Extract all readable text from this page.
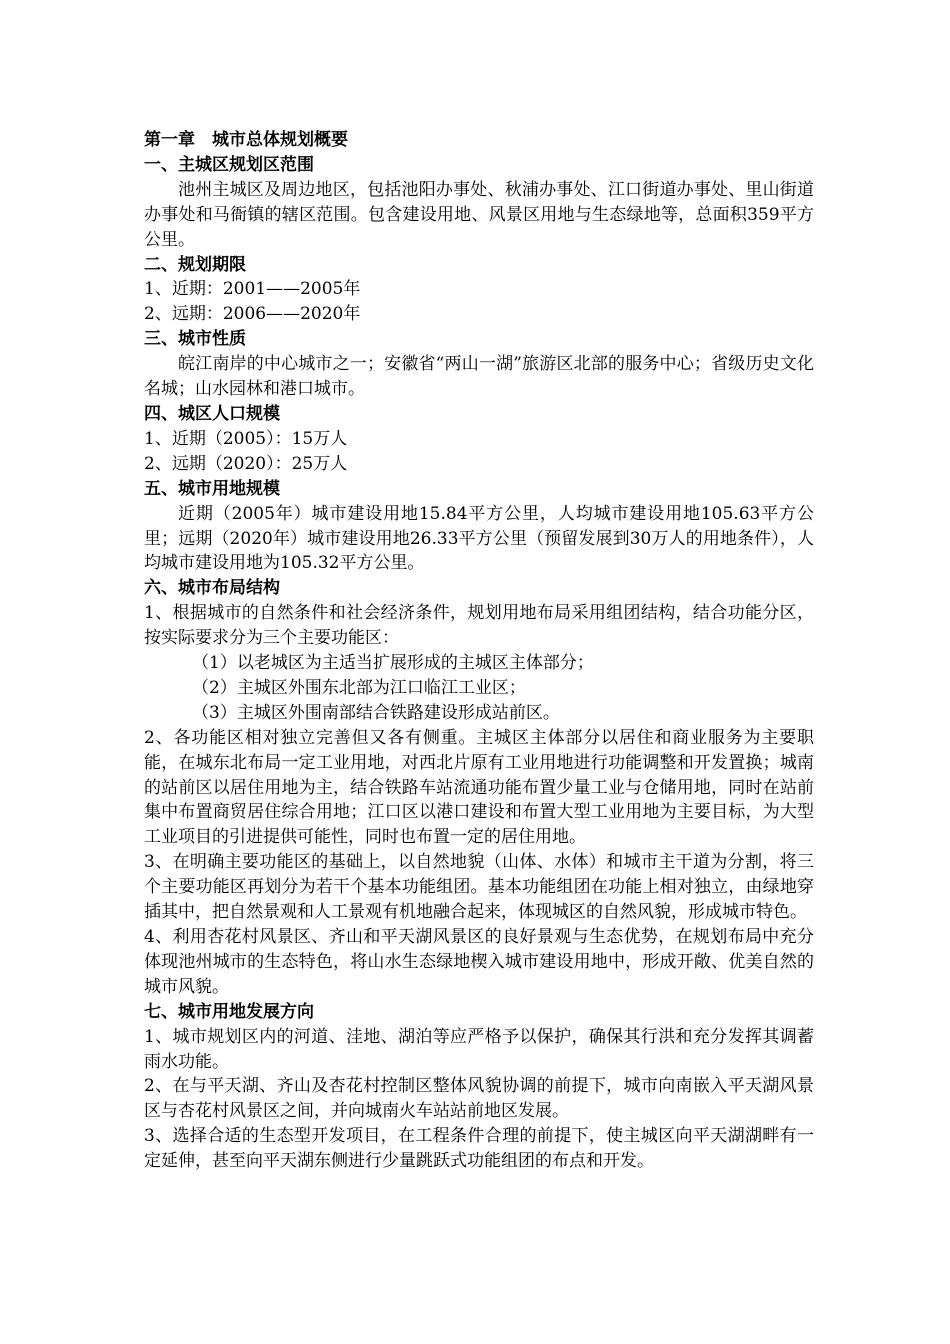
第一章　城市总体规划概要
一、主城区规划区范围

池州主城区及周边地区，包括池阳办事处、秋浦办事处、江口街道办事处、里山街道办事处和马衙镇的辖区范围。包含建设用地、风景区用地与生态绿地等，总面积359平方公里。

二、规划期限

1、近期：2001——2005年

2、远期：2006——2020年

三、城市性质

皖江南岸的中心城市之一；安徽省“两山一湖”旅游区北部的服务中心；省级历史文化名城；山水园林和港口城市。

四、城区人口规模

1、近期（2005）：15万人

2、远期（2020）：25万人

五、城市用地规模

近期（2005年）城市建设用地15.84平方公里，人均城市建设用地105.63平方公里；远期（2020年）城市建设用地26.33平方公里（预留发展到30万人的用地条件），人均城市建设用地为105.32平方公里。

六、城市布局结构

1、根据城市的自然条件和社会经济条件，规划用地布局采用组团结构，结合功能分区，按实际要求分为三个主要功能区：

（1）以老城区为主适当扩展形成的主城区主体部分；

（2）主城区外围东北部为江口临江工业区；

（3）主城区外围南部结合铁路建设形成站前区。

2、各功能区相对独立完善但又各有侧重。主城区主体部分以居住和商业服务为主要职能，在城东北布局一定工业用地，对西北片原有工业用地进行功能调整和开发置换；城南的站前区以居住用地为主，结合铁路车站流通功能布置少量工业与仓储用地，同时在站前集中布置商贸居住综合用地；江口区以港口建设和布置大型工业用地为主要目标，为大型工业项目的引进提供可能性，同时也布置一定的居住用地。

3、在明确主要功能区的基础上，以自然地貌（山体、水体）和城市主干道为分割，将三个主要功能区再划分为若干个基本功能组团。基本功能组团在功能上相对独立，由绿地穿插其中，把自然景观和人工景观有机地融合起来，体现城区的自然风貌，形成城市特色。

4、利用杏花村风景区、齐山和平天湖风景区的良好景观与生态优势，在规划布局中充分体现池州城市的生态特色，将山水生态绿地楔入城市建设用地中，形成开敞、优美自然的城市风貌。

七、城市用地发展方向

1、城市规划区内的河道、洼地、湖泊等应严格予以保护，确保其行洪和充分发挥其调蓄雨水功能。

2、在与平天湖、齐山及杏花村控制区整体风貌协调的前提下，城市向南嵌入平天湖风景区与杏花村风景区之间，并向城南火车站站前地区发展。

3、选择合适的生态型开发项目，在工程条件合理的前提下，使主城区向平天湖湖畔有一定延伸，甚至向平天湖东侧进行少量跳跃式功能组团的布点和开发。
